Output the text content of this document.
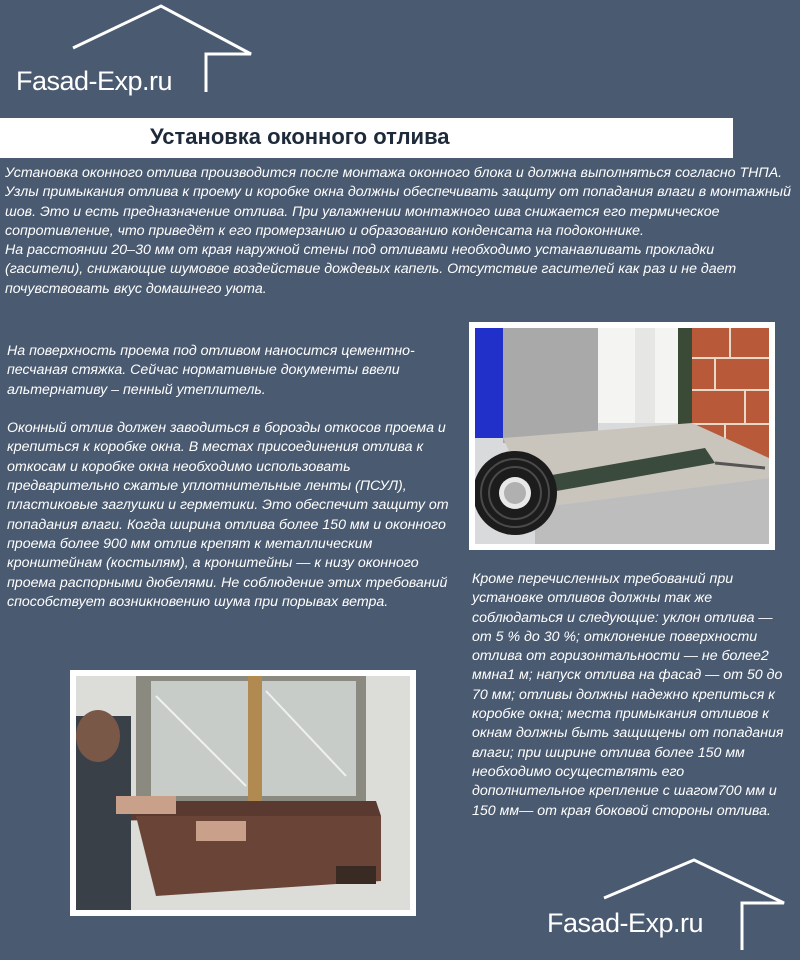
Fasad-Exp.ru
Установка оконного отлива

Установка оконного отлива производится после монтажа оконного блока и должна выполняться согласно ТНПА.

Узлы примыкания отлива к проему и коробке окна должны обеспечивать защиту от попадания влаги в монтажный шов. Это и есть предназначение отлива. При увлажнении монтажного шва снижается его термическое сопротивление, что приведёт к его промерзанию и образованию конденсата на подоконнике.

На расстоянии 20–30 мм от края наружной стены под отливами необходимо устанавливать прокладки (гасители), снижающие шумовое воздействие дождевых капель. Отсутствие гасителей как раз и не дает почувствовать вкус домашнего уюта.

На поверхность проема под отливом наносится цементно-песчаная стяжка. Сейчас нормативные документы ввели альтернативу – пенный утеплитель.

Оконный отлив должен заводиться в борозды откосов проема и крепиться к коробке окна. В местах присоединения отлива к откосам и коробке окна необходимо использовать предварительно сжатые уплотнительные ленты (ПСУЛ), пластиковые заглушки и герметики. Это обеспечит защиту от попадания влаги. Когда ширина отлива более 150 мм и оконного проема более 900 мм отлив крепят к металлическим кронштейнам (костылям), а кронштейны — к низу оконного проема распорными дюбелями. Не соблюдение этих требований способствует возникновению шума при порывах ветра.

Кроме перечисленных требований при установке отливов должны так же соблюдаться и следующие: уклон отлива — от 5 % до 30 %; отклонение поверхности отлива от горизонтальности — не более2 ммна1 м; напуск отлива на фасад — от 50 до 70 мм; отливы должны надежно крепиться к коробке окна; места примыкания отливов к окнам должны быть защищены от попадания влаги; при ширине отлива более 150 мм необходимо осуществлять его дополнительное крепление с шагом700 мм и 150 мм— от края боковой стороны отлива.

Fasad-Exp.ru
